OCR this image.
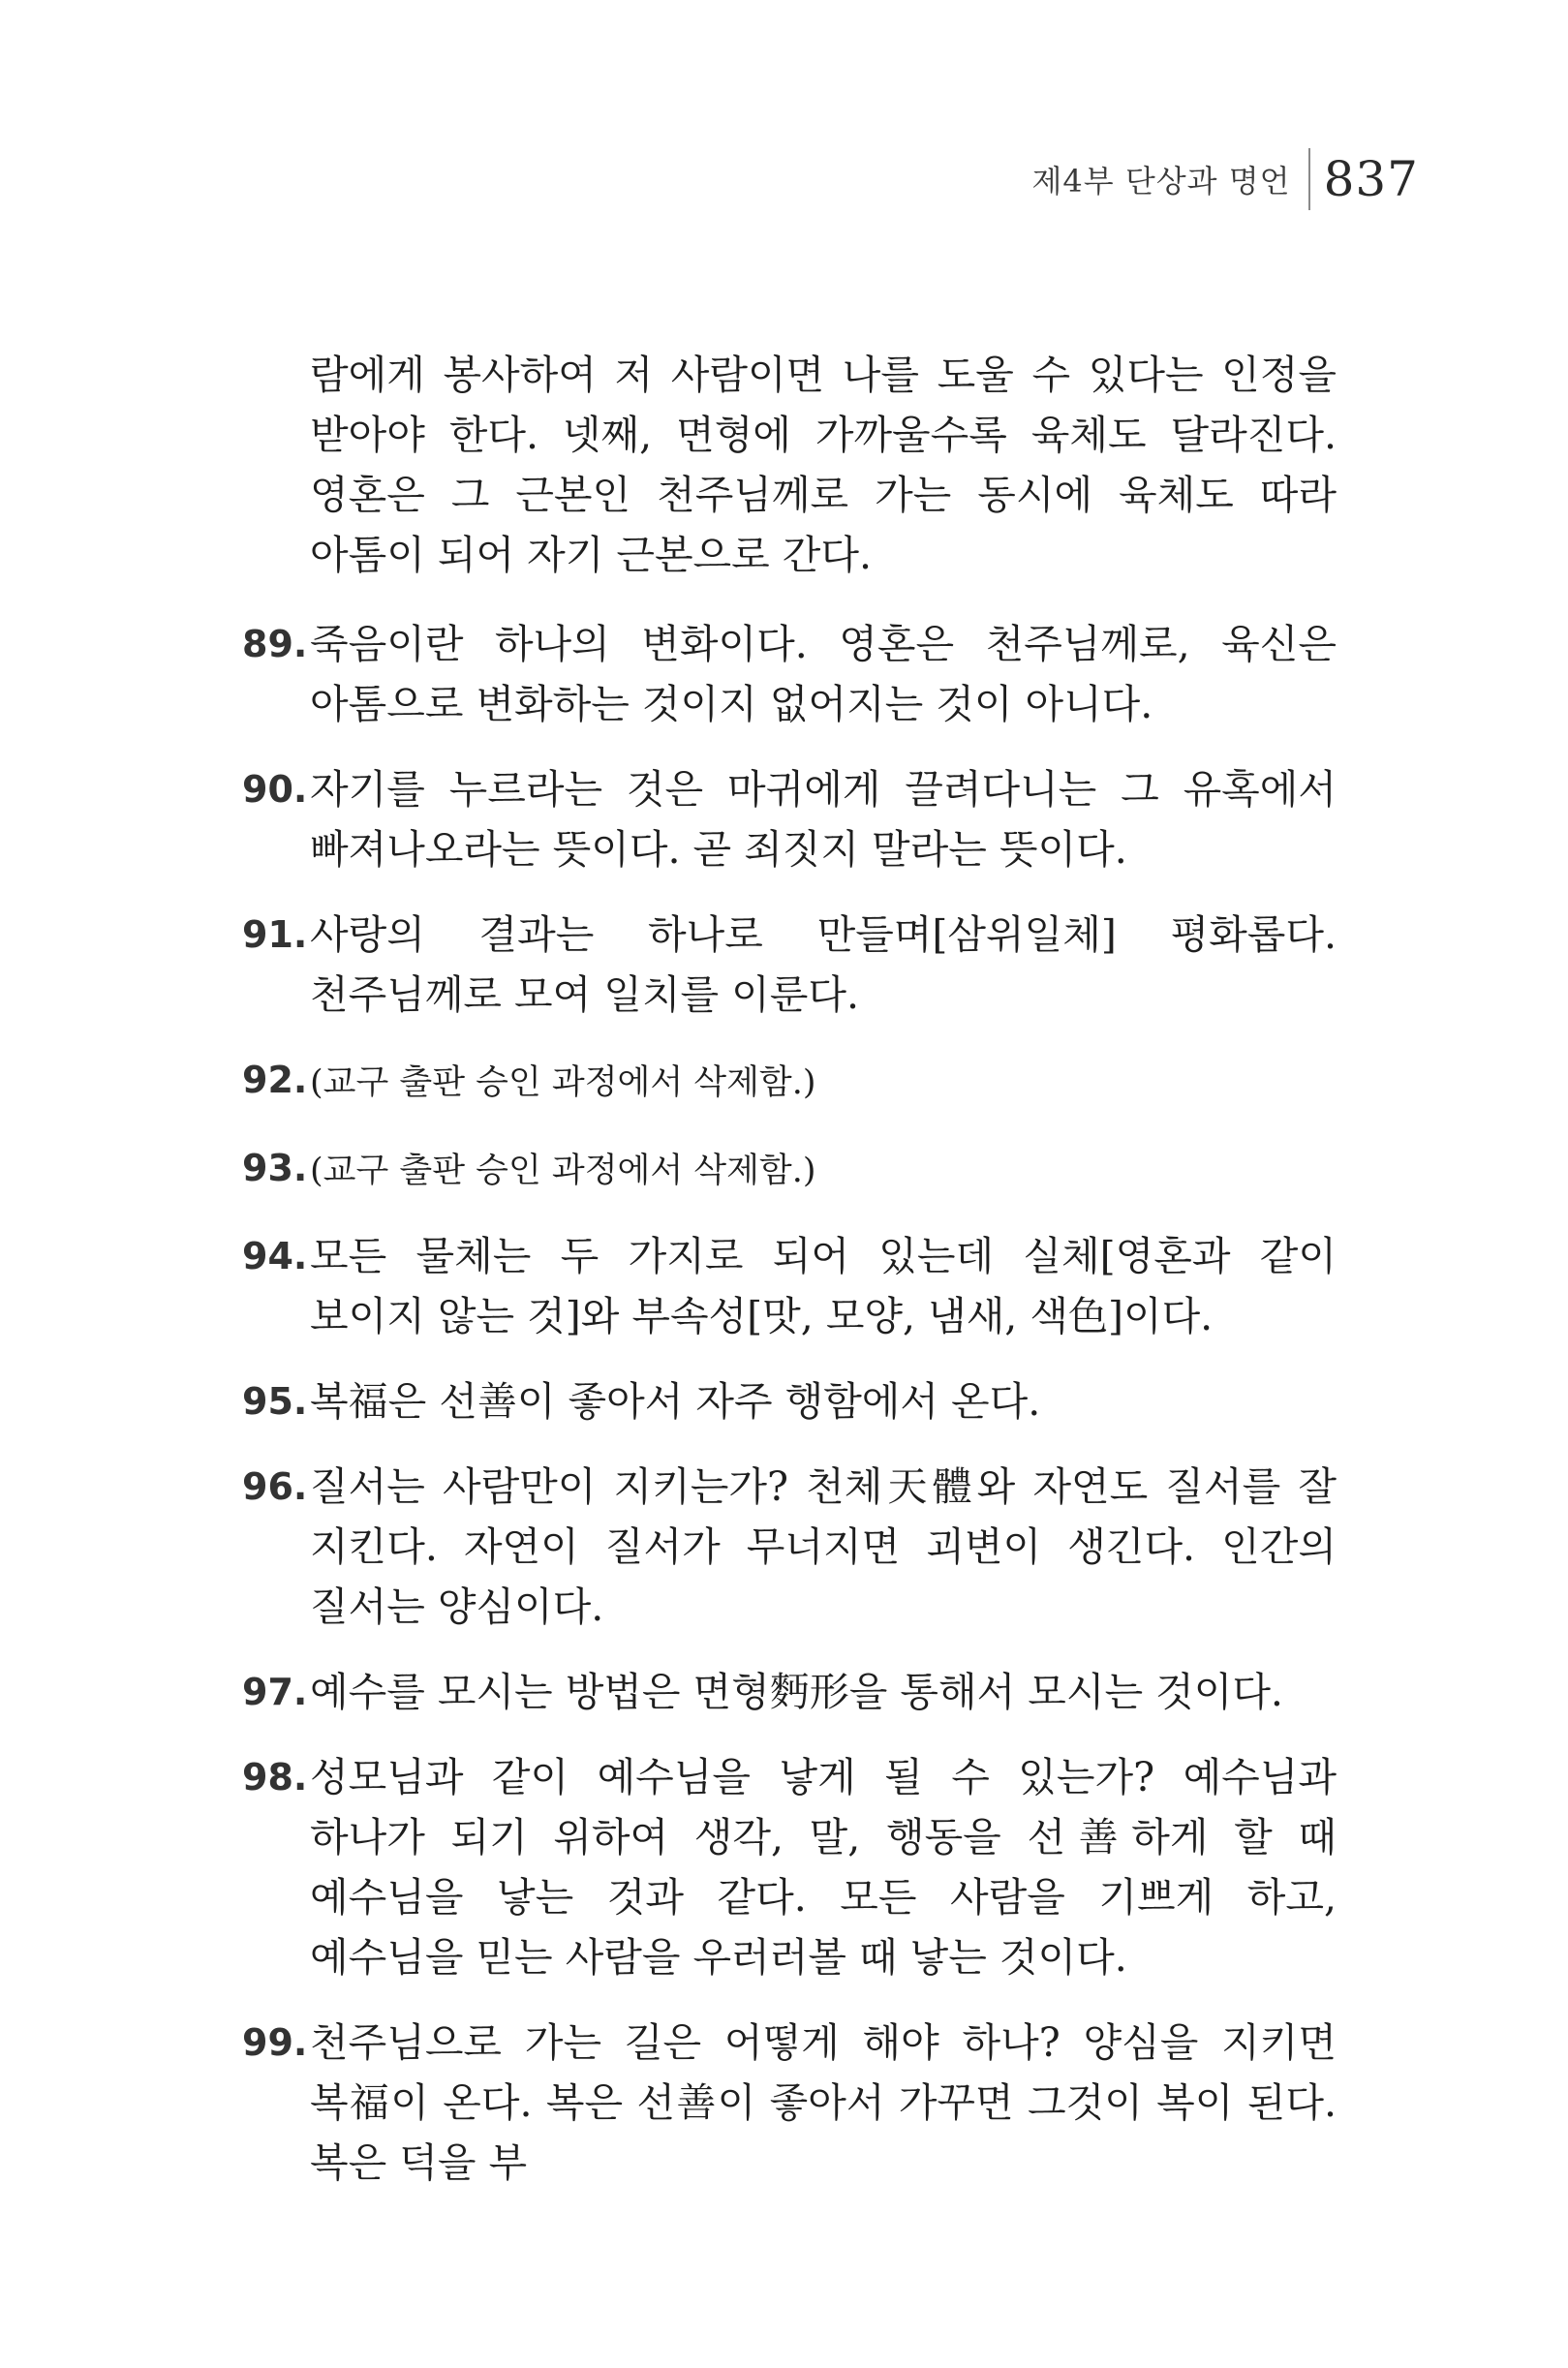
제4부 단상과 명언 837

람에게 봉사하여 저 사람이면 나를 도울 수 있다는 인정을 받아야 한다. 넷째, 면형에 가까울수록 육체도 달라진다. 영혼은 그 근본인 천주님께로 가는 동시에 육체도 따라 아톰이 되어 자기 근본으로 간다.

89. 죽음이란 하나의 변화이다. 영혼은 천주님께로, 육신은 아톰으로 변화하는 것이지 없어지는 것이 아니다.

90. 자기를 누르라는 것은 마귀에게 끌려다니는 그 유혹에서 빠져나오라는 뜻이다. 곧 죄짓지 말라는 뜻이다.

91. 사랑의 결과는 하나로 만들며[삼위일체] 평화롭다. 천주님께로 모여 일치를 이룬다.

92. (교구 출판 승인 과정에서 삭제함.)

93. (교구 출판 승인 과정에서 삭제함.)

94. 모든 물체는 두 가지로 되어 있는데 실체[영혼과 같이 보이지 않는 것]와 부속성[맛, 모양, 냄새, 색色]이다.

95. 복福은 선善이 좋아서 자주 행함에서 온다.

96. 질서는 사람만이 지키는가? 천체天體와 자연도 질서를 잘 지킨다. 자연이 질서가 무너지면 괴변이 생긴다. 인간의 질서는 양심이다.

97. 예수를 모시는 방법은 면형麪形을 통해서 모시는 것이다.

98. 성모님과 같이 예수님을 낳게 될 수 있는가? 예수님과 하나가 되기 위하여 생각, 말, 행동을 선善하게 할 때 예수님을 낳는 것과 같다. 모든 사람을 기쁘게 하고, 예수님을 믿는 사람을 우러러볼 때 낳는 것이다.

99. 천주님으로 가는 길은 어떻게 해야 하나? 양심을 지키면 복福이 온다. 복은 선善이 좋아서 가꾸면 그것이 복이 된다. 복은 덕을 부
